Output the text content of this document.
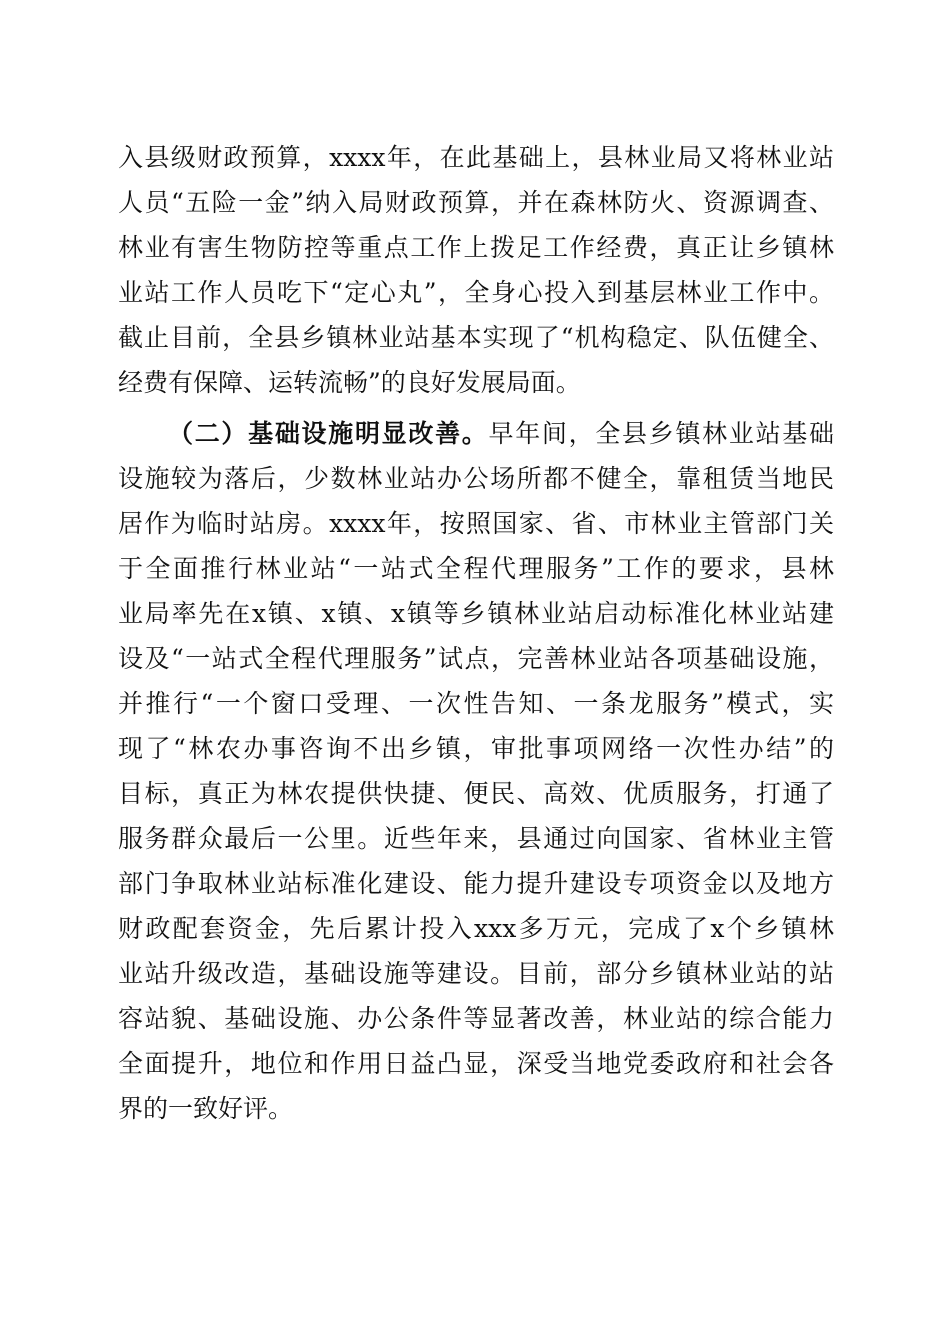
入县级财政预算，xxxx年，在此基础上，县林业局又将林业站
人员“五险一金”纳入局财政预算，并在森林防火、资源调查、
林业有害生物防控等重点工作上拨足工作经费，真正让乡镇林
业站工作人员吃下“定心丸”，全身心投入到基层林业工作中。
截止目前，全县乡镇林业站基本实现了“机构稳定、队伍健全、
经费有保障、运转流畅”的良好发展局面。
（二）基础设施明显改善。早年间，全县乡镇林业站基础
设施较为落后，少数林业站办公场所都不健全，靠租赁当地民
居作为临时站房。xxxx年，按照国家、省、市林业主管部门关
于全面推行林业站“一站式全程代理服务”工作的要求，县林
业局率先在x镇、x镇、x镇等乡镇林业站启动标准化林业站建
设及“一站式全程代理服务”试点，完善林业站各项基础设施，
并推行“一个窗口受理、一次性告知、一条龙服务”模式，实
现了“林农办事咨询不出乡镇，审批事项网络一次性办结”的
目标，真正为林农提供快捷、便民、高效、优质服务，打通了
服务群众最后一公里。近些年来，县通过向国家、省林业主管
部门争取林业站标准化建设、能力提升建设专项资金以及地方
财政配套资金，先后累计投入xxx多万元，完成了x个乡镇林
业站升级改造，基础设施等建设。目前，部分乡镇林业站的站
容站貌、基础设施、办公条件等显著改善，林业站的综合能力
全面提升，地位和作用日益凸显，深受当地党委政府和社会各
界的一致好评。
